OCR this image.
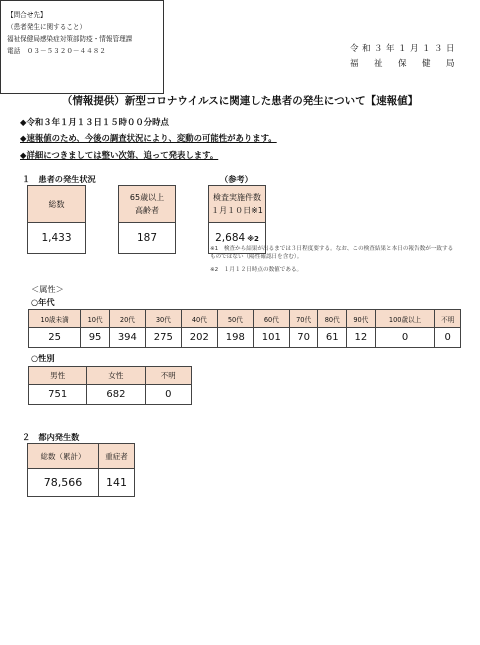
令和３年１月１３日
福　祉　保　健　局
（情報提供）新型コロナウイルスに関連した患者の発生について【速報値】
◆令和３年１月１３日１５時００分時点
◆速報値のため、今後の調査状況により、変動の可能性があります。
◆詳細につきましては整い次第、追って発表します。
１　患者の発生状況	（参考）
総数
1,433
65歳以上
高齢者
187
検査実施件数
１月１０日※1
2,684 ※2
※1　検査から結果が出るまでは３日程度要する。なお、この検査結果と本日の報告数が一致するものではない（陽性確認日を含む）。
※2　１月１２日時点の数値である。
＜属性＞
○年代
10歳未満	10代	20代	30代	40代	50代	60代	70代	80代	90代	100歳以上	不明
25	95	394	275	202	198	101	70	61	12	0	0
○性別
男性	女性	不明
751	682	0
２　都内発生数
総数（累計）	重症者
78,566	141
【問合せ先】
（患者発生に関すること）
福祉保健局感染症対策部防疫・情報管理課
電話　０３－５３２０－４４８２
